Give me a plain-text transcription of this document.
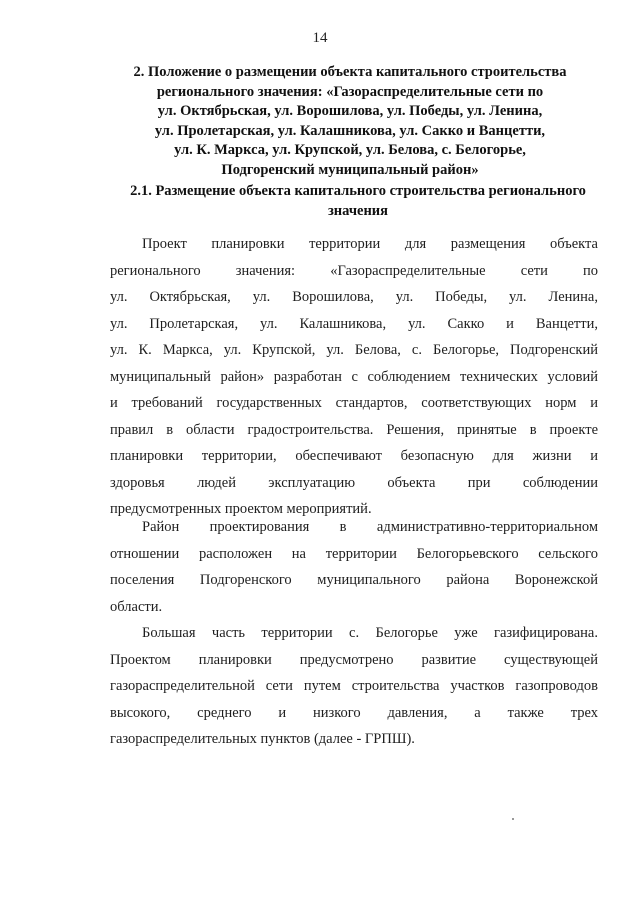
14
2. Положение о размещении объекта капитального строительства
регионального значения: «Газораспределительные сети по
ул. Октябрьская, ул. Ворошилова, ул. Победы, ул. Ленина,
ул. Пролетарская, ул. Калашникова, ул. Сакко и Ванцетти,
ул. К. Маркса, ул. Крупской, ул. Белова, с. Белогорье,
Подгоренский муниципальный район»
2.1. Размещение объекта капитального строительства регионального
значения
Проект планировки территории для размещения объекта
регионального значения: «Газораспределительные сети по
ул. Октябрьская, ул. Ворошилова, ул. Победы, ул. Ленина,
ул. Пролетарская, ул. Калашникова, ул. Сакко и Ванцетти,
ул. К. Маркса, ул. Крупской, ул. Белова, с. Белогорье, Подгоренский
муниципальный район» разработан с соблюдением технических условий
и требований государственных стандартов, соответствующих норм и
правил в области градостроительства. Решения, принятые в проекте
планировки территории, обеспечивают безопасную для жизни и
здоровья людей эксплуатацию объекта при соблюдении
предусмотренных проектом мероприятий.
Район проектирования в административно-территориальном
отношении расположен на территории Белогорьевского сельского
поселения Подгоренского муниципального района Воронежской
области.
Большая часть территории с. Белогорье уже газифицирована.
Проектом планировки предусмотрено развитие существующей
газораспределительной сети путем строительства участков газопроводов
высокого, среднего и низкого давления, а также трех
газораспределительных пунктов (далее - ГРПШ).
